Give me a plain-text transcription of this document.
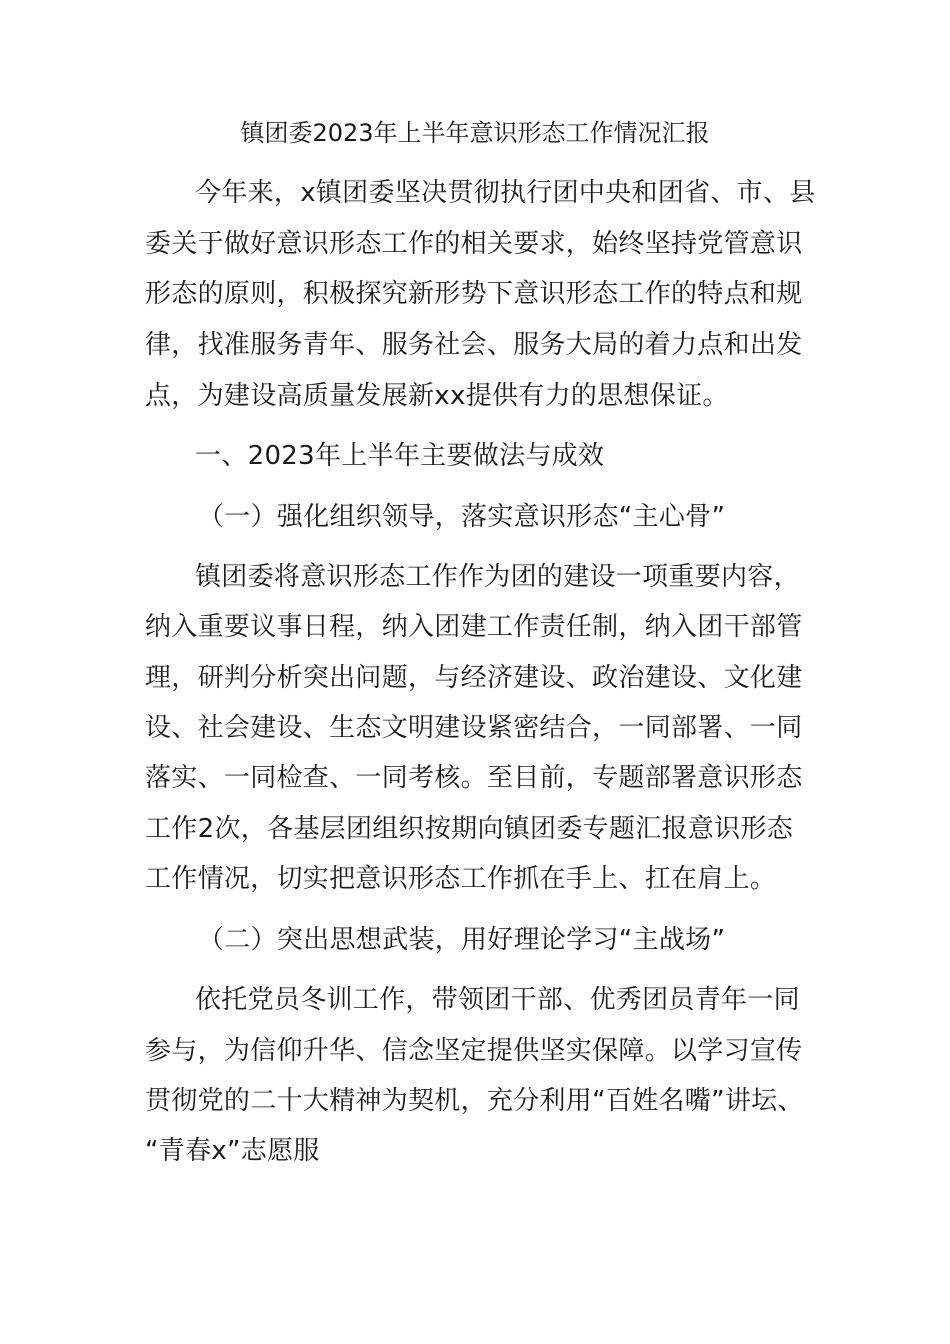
镇团委2023年上半年意识形态工作情况汇报
今年来，x镇团委坚决贯彻执行团中央和团省、市、县
委关于做好意识形态工作的相关要求，始终坚持党管意识
形态的原则，积极探究新形势下意识形态工作的特点和规
律，找准服务青年、服务社会、服务大局的着力点和出发
点，为建设高质量发展新xx提供有力的思想保证。
一、2023年上半年主要做法与成效
（一）强化组织领导，落实意识形态“主心骨”
镇团委将意识形态工作作为团的建设一项重要内容，
纳入重要议事日程，纳入团建工作责任制，纳入团干部管
理，研判分析突出问题，与经济建设、政治建设、文化建
设、社会建设、生态文明建设紧密结合，一同部署、一同
落实、一同检查、一同考核。至目前，专题部署意识形态
工作2次，各基层团组织按期向镇团委专题汇报意识形态
工作情况，切实把意识形态工作抓在手上、扛在肩上。
（二）突出思想武装，用好理论学习“主战场”
依托党员冬训工作，带领团干部、优秀团员青年一同
参与，为信仰升华、信念坚定提供坚实保障。以学习宣传
贯彻党的二十大精神为契机，充分利用“百姓名嘴”讲坛、
“青春x”志愿服
